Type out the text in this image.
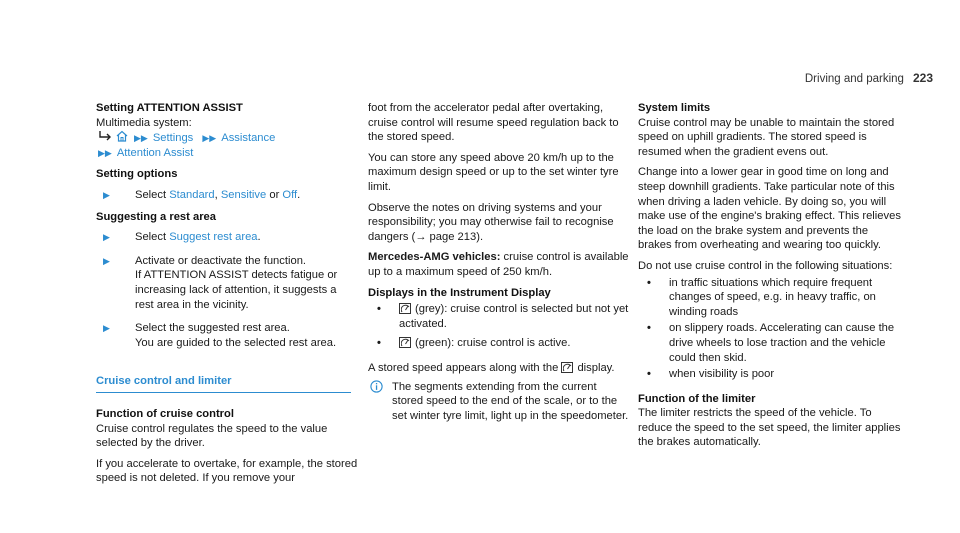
Driving and parking 223

Setting ATTENTION ASSIST

Multimedia system:

▶▶ Settings ▶▶ Assistance

▶▶ Attention Assist

Setting options

▶	Select Standard, Sensitive or Off.

Suggesting a rest area

▶	Select Suggest rest area.
▶	Activate or deactivate the function.
If ATTENTION ASSIST detects fatigue or increasing lack of attention, it suggests a rest area in the vicinity.
▶	Select the suggested rest area.
You are guided to the selected rest area.

Cruise control and limiter

Function of cruise control

Cruise control regulates the speed to the value selected by the driver.

If you accelerate to overtake, for example, the stored speed is not deleted. If you remove your

foot from the accelerator pedal after overtaking, cruise control will resume speed regulation back to the stored speed.

You can store any speed above 20 km/h up to the maximum design speed or up to the set winter tyre limit.

Observe the notes on driving systems and your responsibility; you may otherwise fail to recognise dangers (→ page 213).

Mercedes-AMG vehicles: cruise control is available up to a maximum speed of 250 km/h.

Displays in the Instrument Display

•
(grey): cruise control is selected but not yet activated.
•
(green): cruise control is active.

A stored speed appears along with the display.

The segments extending from the current stored speed to the end of the scale, or to the set winter tyre limit, light up in the speedometer.

System limits

Cruise control may be unable to maintain the stored speed on uphill gradients. The stored speed is resumed when the gradient evens out.

Change into a lower gear in good time on long and steep downhill gradients. Take particular note of this when driving a laden vehicle. By doing so, you will make use of the engine's braking effect. This relieves the load on the brake system and prevents the brakes from overheating and wearing too quickly.

Do not use cruise control in the following situations:

•
in traffic situations which require frequent changes of speed, e.g. in heavy traffic, on winding roads
•
on slippery roads. Accelerating can cause the drive wheels to lose traction and the vehicle could then skid.
•
when visibility is poor

Function of the limiter

The limiter restricts the speed of the vehicle. To reduce the speed to the set speed, the limiter applies the brakes automatically.
